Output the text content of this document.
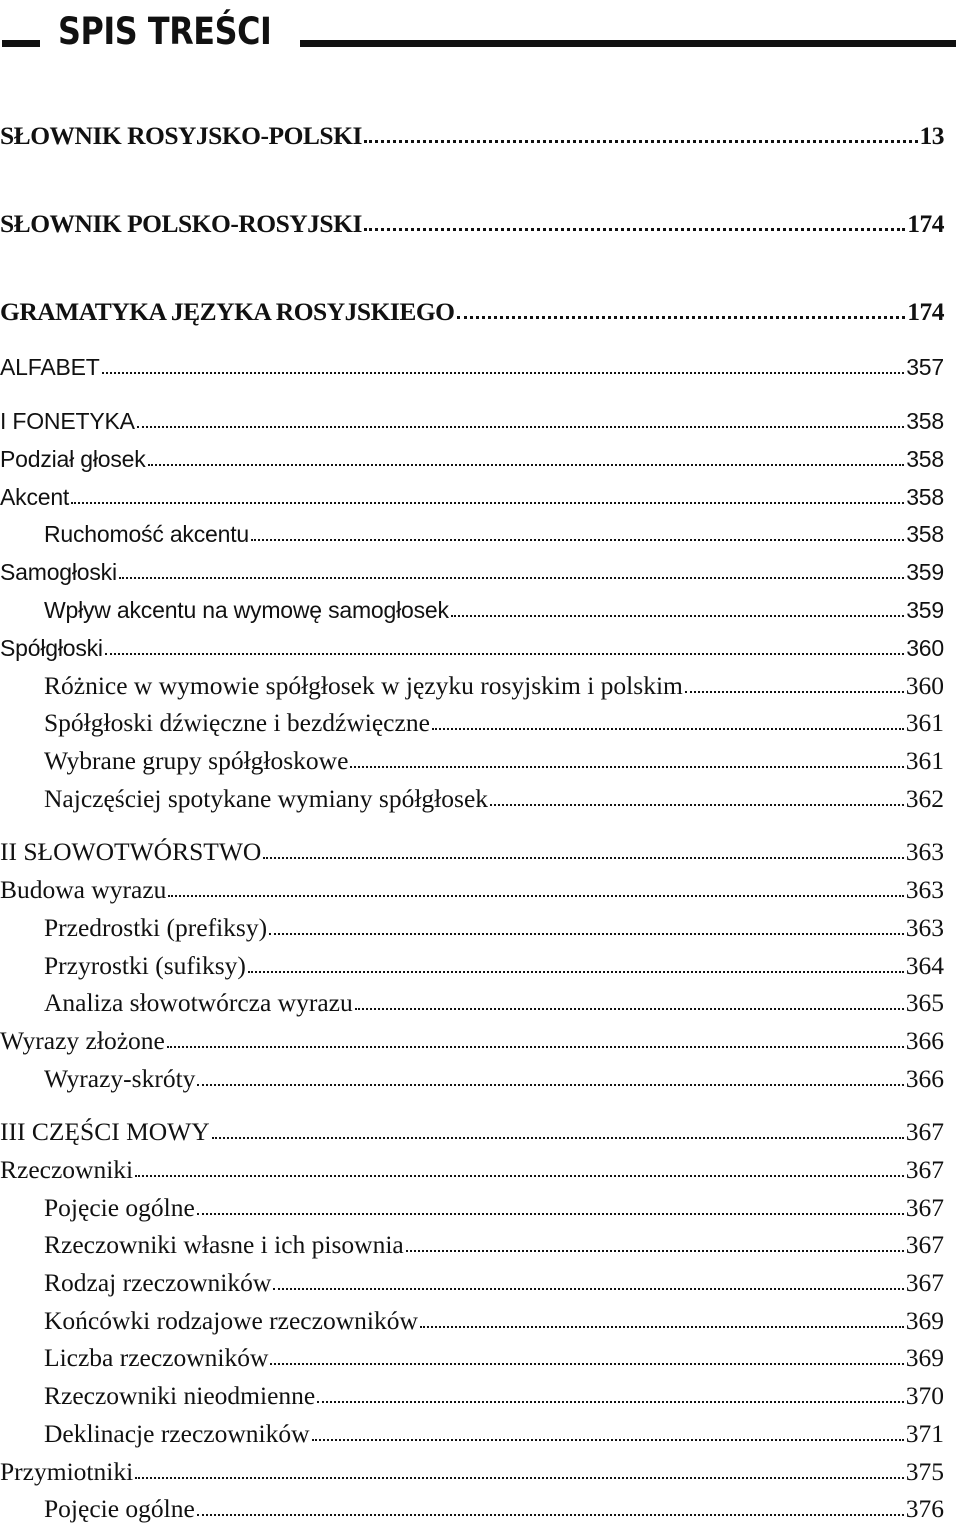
SPIS TREŚCI
SŁOWNIK ROSYJSKO-POLSKI	13
SŁOWNIK POLSKO-ROSYJSKI	174
GRAMATYKA JĘZYKA ROSYJSKIEGO	174
ALFABET	357
I FONETYKA	358
Podział głosek	358
Akcent	358
Ruchomość akcentu	358
Samogłoski	359
Wpływ akcentu na wymowę samogłosek	359
Spółgłoski	360
Różnice w wymowie spółgłosek w języku rosyjskim i polskim	360
Spółgłoski dźwięczne i bezdźwięczne	361
Wybrane grupy spółgłoskowe	361
Najczęściej spotykane wymiany spółgłosek	362
II SŁOWOTWÓRSTWO	363
Budowa wyrazu	363
Przedrostki (prefiksy)	363
Przyrostki (sufiksy)	364
Analiza słowotwórcza wyrazu	365
Wyrazy złożone	366
Wyrazy-skróty	366
III CZĘŚCI MOWY	367
Rzeczowniki	367
Pojęcie ogólne	367
Rzeczowniki własne i ich pisownia	367
Rodzaj rzeczowników	367
Końcówki rodzajowe rzeczowników	369
Liczba rzeczowników	369
Rzeczowniki nieodmienne	370
Deklinacje rzeczowników	371
Przymiotniki	375
Pojęcie ogólne	376
